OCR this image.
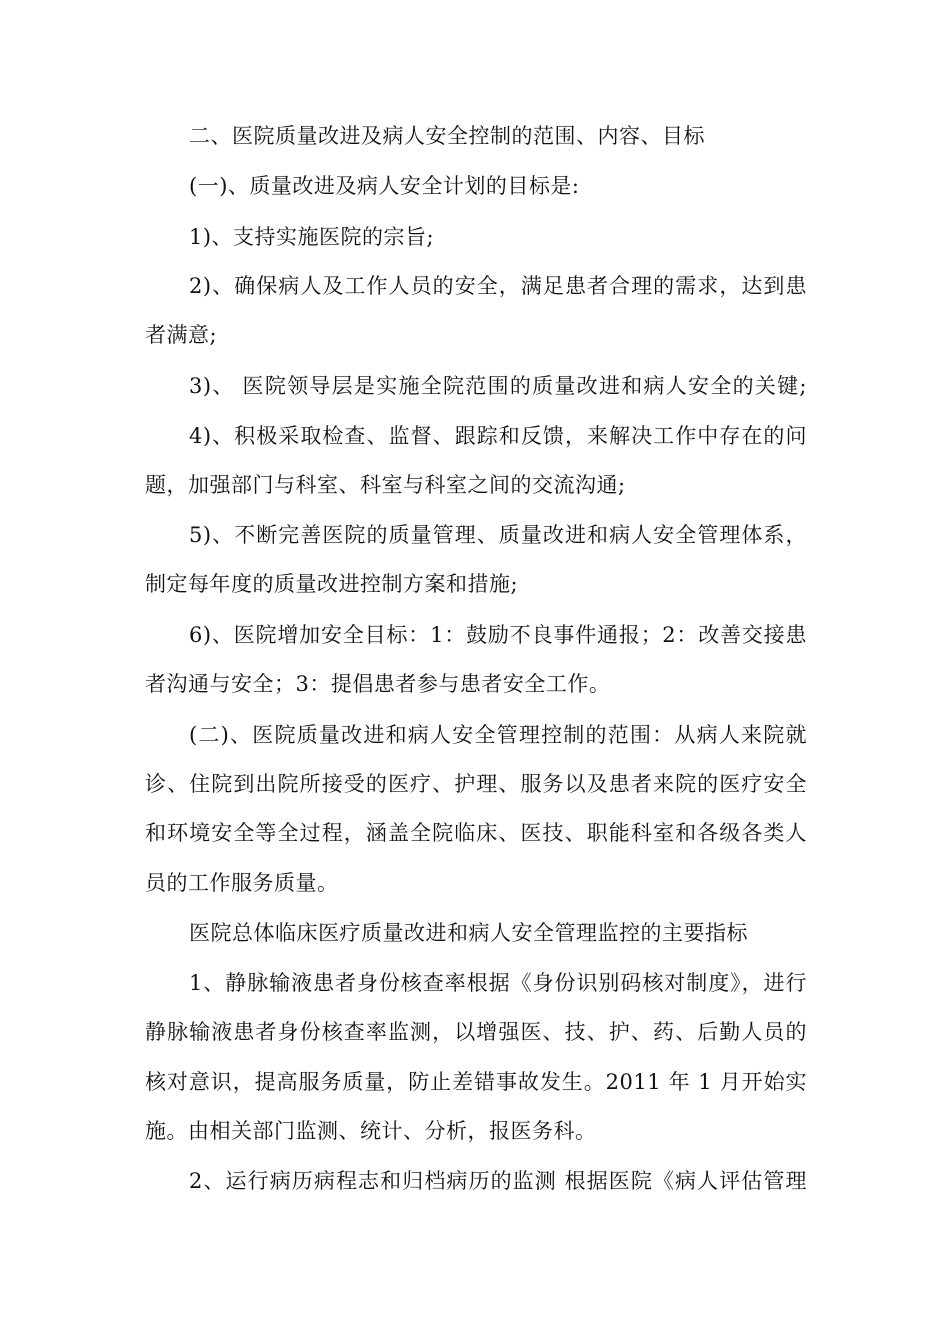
二、医院质量改进及病人安全控制的范围、内容、目标
(一)、质量改进及病人安全计划的目标是:
1)、支持实施医院的宗旨;
2)、确保病人及工作人员的安全，满足患者合理的需求，达到患
者满意;
3)、 医院领导层是实施全院范围的质量改进和病人安全的关键;
4)、积极采取检查、监督、跟踪和反馈，来解决工作中存在的问
题，加强部门与科室、科室与科室之间的交流沟通;
5)、不断完善医院的质量管理、质量改进和病人安全管理体系，
制定每年度的质量改进控制方案和措施;
6)、医院增加安全目标：1：鼓励不良事件通报；2：改善交接患
者沟通与安全；3：提倡患者参与患者安全工作。
(二)、医院质量改进和病人安全管理控制的范围：从病人来院就
诊、住院到出院所接受的医疗、护理、服务以及患者来院的医疗安全
和环境安全等全过程，涵盖全院临床、医技、职能科室和各级各类人
员的工作服务质量。
医院总体临床医疗质量改进和病人安全管理监控的主要指标
1、静脉输液患者身份核查率根据《身份识别码核对制度》，进行
静脉输液患者身份核查率监测，以增强医、技、护、药、后勤人员的
核对意识，提高服务质量，防止差错事故发生。2011 年 1 月开始实
施。由相关部门监测、统计、分析，报医务科。
2、运行病历病程志和归档病历的监测 根据医院《病人评估管理
